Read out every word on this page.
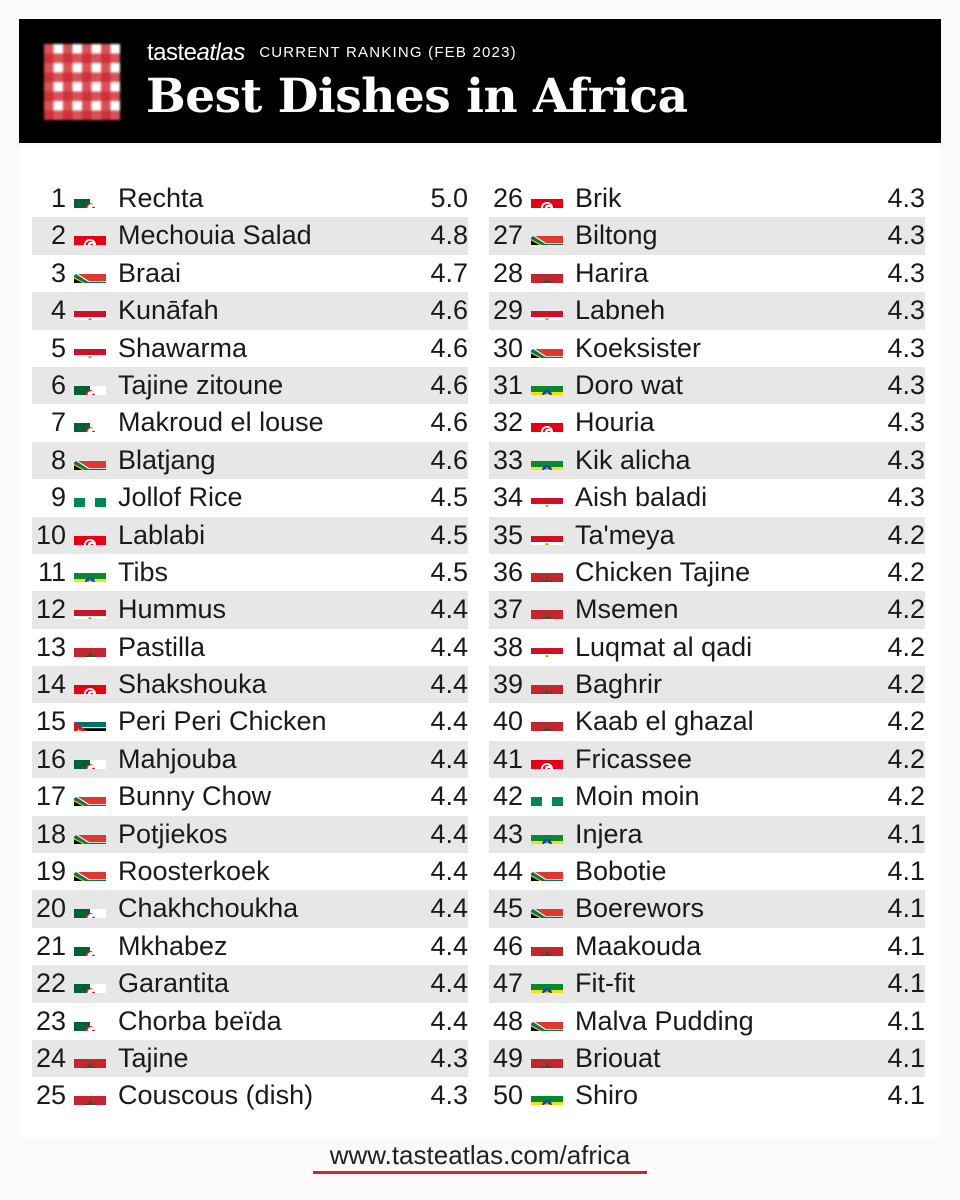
tasteatlas CURRENT RANKING (FEB 2023)
Best Dishes in Africa
1 Rechta	5.0
2 Mechouia Salad	4.8
3 Braai	4.7
4 Kunāfah	4.6
5 Shawarma	4.6
6 Tajine zitoune	4.6
7 Makroud el louse	4.6
8 Blatjang	4.6
9 Jollof Rice	4.5
10 Lablabi	4.5
11 Tibs	4.5
12 Hummus	4.4
13 Pastilla	4.4
14 Shakshouka	4.4
15 Peri Peri Chicken	4.4
16 Mahjouba	4.4
17 Bunny Chow	4.4
18 Potjiekos	4.4
19 Roosterkoek	4.4
20 Chakhchoukha	4.4
21 Mkhabez	4.4
22 Garantita	4.4
23 Chorba beïda	4.4
24 Tajine	4.3
25 Couscous (dish)	4.3
26 Brik	4.3
27 Biltong	4.3
28 Harira	4.3
29 Labneh	4.3
30 Koeksister	4.3
31 Doro wat	4.3
32 Houria	4.3
33 Kik alicha	4.3
34 Aish baladi	4.3
35 Ta'meya	4.2
36 Chicken Tajine	4.2
37 Msemen	4.2
38 Luqmat al qadi	4.2
39 Baghrir	4.2
40 Kaab el ghazal	4.2
41 Fricassee	4.2
42 Moin moin	4.2
43 Injera	4.1
44 Bobotie	4.1
45 Boerewors	4.1
46 Maakouda	4.1
47 Fit-fit	4.1
48 Malva Pudding	4.1
49 Briouat	4.1
50 Shiro	4.1
www.tasteatlas.com/africa
